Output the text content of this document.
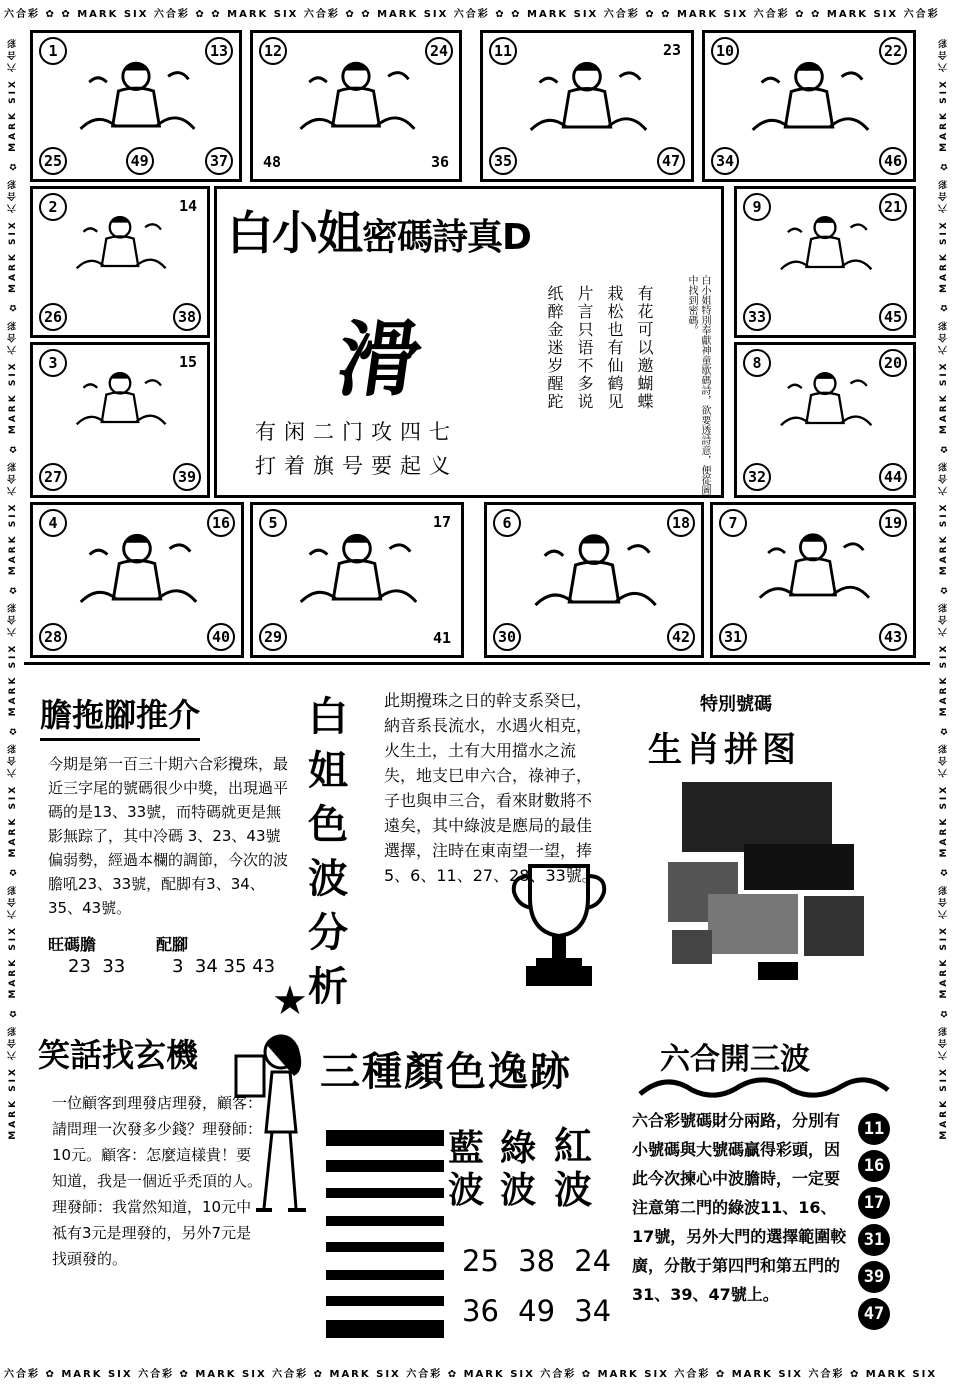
六合彩 ✿ ✿ MARK SIX 六合彩 ✿ ✿ MARK SIX 六合彩 ✿ ✿ MARK SIX 六合彩 ✿ ✿ MARK SIX 六合彩 ✿ ✿ MARK SIX 六合彩 ✿ ✿ MARK SIX 六合彩
六合彩 ✿ MARK SIX 六合彩 ✿ MARK SIX 六合彩 ✿ MARK SIX 六合彩 ✿ MARK SIX 六合彩 ✿ MARK SIX 六合彩 ✿ MARK SIX 六合彩 ✿ MARK SIX
MARK SIX 六合彩 ✿ MARK SIX 六合彩 ✿ MARK SIX 六合彩 ✿ MARK SIX 六合彩 ✿ MARK SIX 六合彩 ✿ MARK SIX 六合彩 ✿ MARK SIX 六合彩 ✿ MARK SIX 六合彩	MARK SIX 六合彩 ✿ MARK SIX 六合彩 ✿ MARK SIX 六合彩 ✿ MARK SIX 六合彩 ✿ MARK SIX 六合彩 ✿ MARK SIX 六合彩 ✿ MARK SIX 六合彩 ✿ MARK SIX 六合彩
1	13
25	49	37
12	24
48	36
11	23
35	47
10	22
34	46
2	14
26	38
9	21
33	45
3	15
27	39
8	20
32	44
4	16
28	40
5	17
29	41
6	18
30	42
7	19
31	43
白小姐密碼詩真D
滑	有花可以邀蝴蝶
栽松也有仙鹤见
片言只语不多说
纸醉金迷岁醒跎	白小姐特別奉獻神童歇碼詩，欲要透詩意，便從圖中找到密碼。
有闲二门攻四七
打着旗号要起义
膽拖腳推介
今期是第一百三十期六合彩攪珠，最近三字尾的號碼很少中獎，出現過平碼的是13、33號，而特碼就更是無影無踪了，其中冷碼 3、23、43號偏弱勢，經過本欄的調節，今次的波膽吼23、33號，配脚有3、34、35、43號。
旺碼膽	配腳
23 33	3 34 35 43
白姐色波分析
此期攪珠之日的幹支系癸巳，納音系長流水，水遇火相克，火生土，土有大用擋水之流失，地支巳申六合，祿神子，子也與申三合，看來財數將不遠矣，其中綠波是應局的最佳選擇，注時在東南望一望，捧5、6、11、27、28、33號。
特別號碼
生肖拼图
★
笑話找玄機
一位顧客到理發店理發，顧客：請問理一次發多少錢？理發師：10元。顧客：怎麼這樣貴！要知道，我是一個近乎禿頂的人。理發師：我當然知道，10元中祗有3元是理發的，另外7元是找頭發的。
三種顏色逸跡
藍波
綠波
紅波
25 38 24
36 49 34
六合開三波
六合彩號碼財分兩路，分別有小號碼與大號碼贏得彩頭，因此今次揀心中波膽時，一定要注意第二門的綠波11、16、17號，另外大門的選擇範圍較廣，分散于第四門和第五門的31、39、47號上。
11
16
17
31
39
47
